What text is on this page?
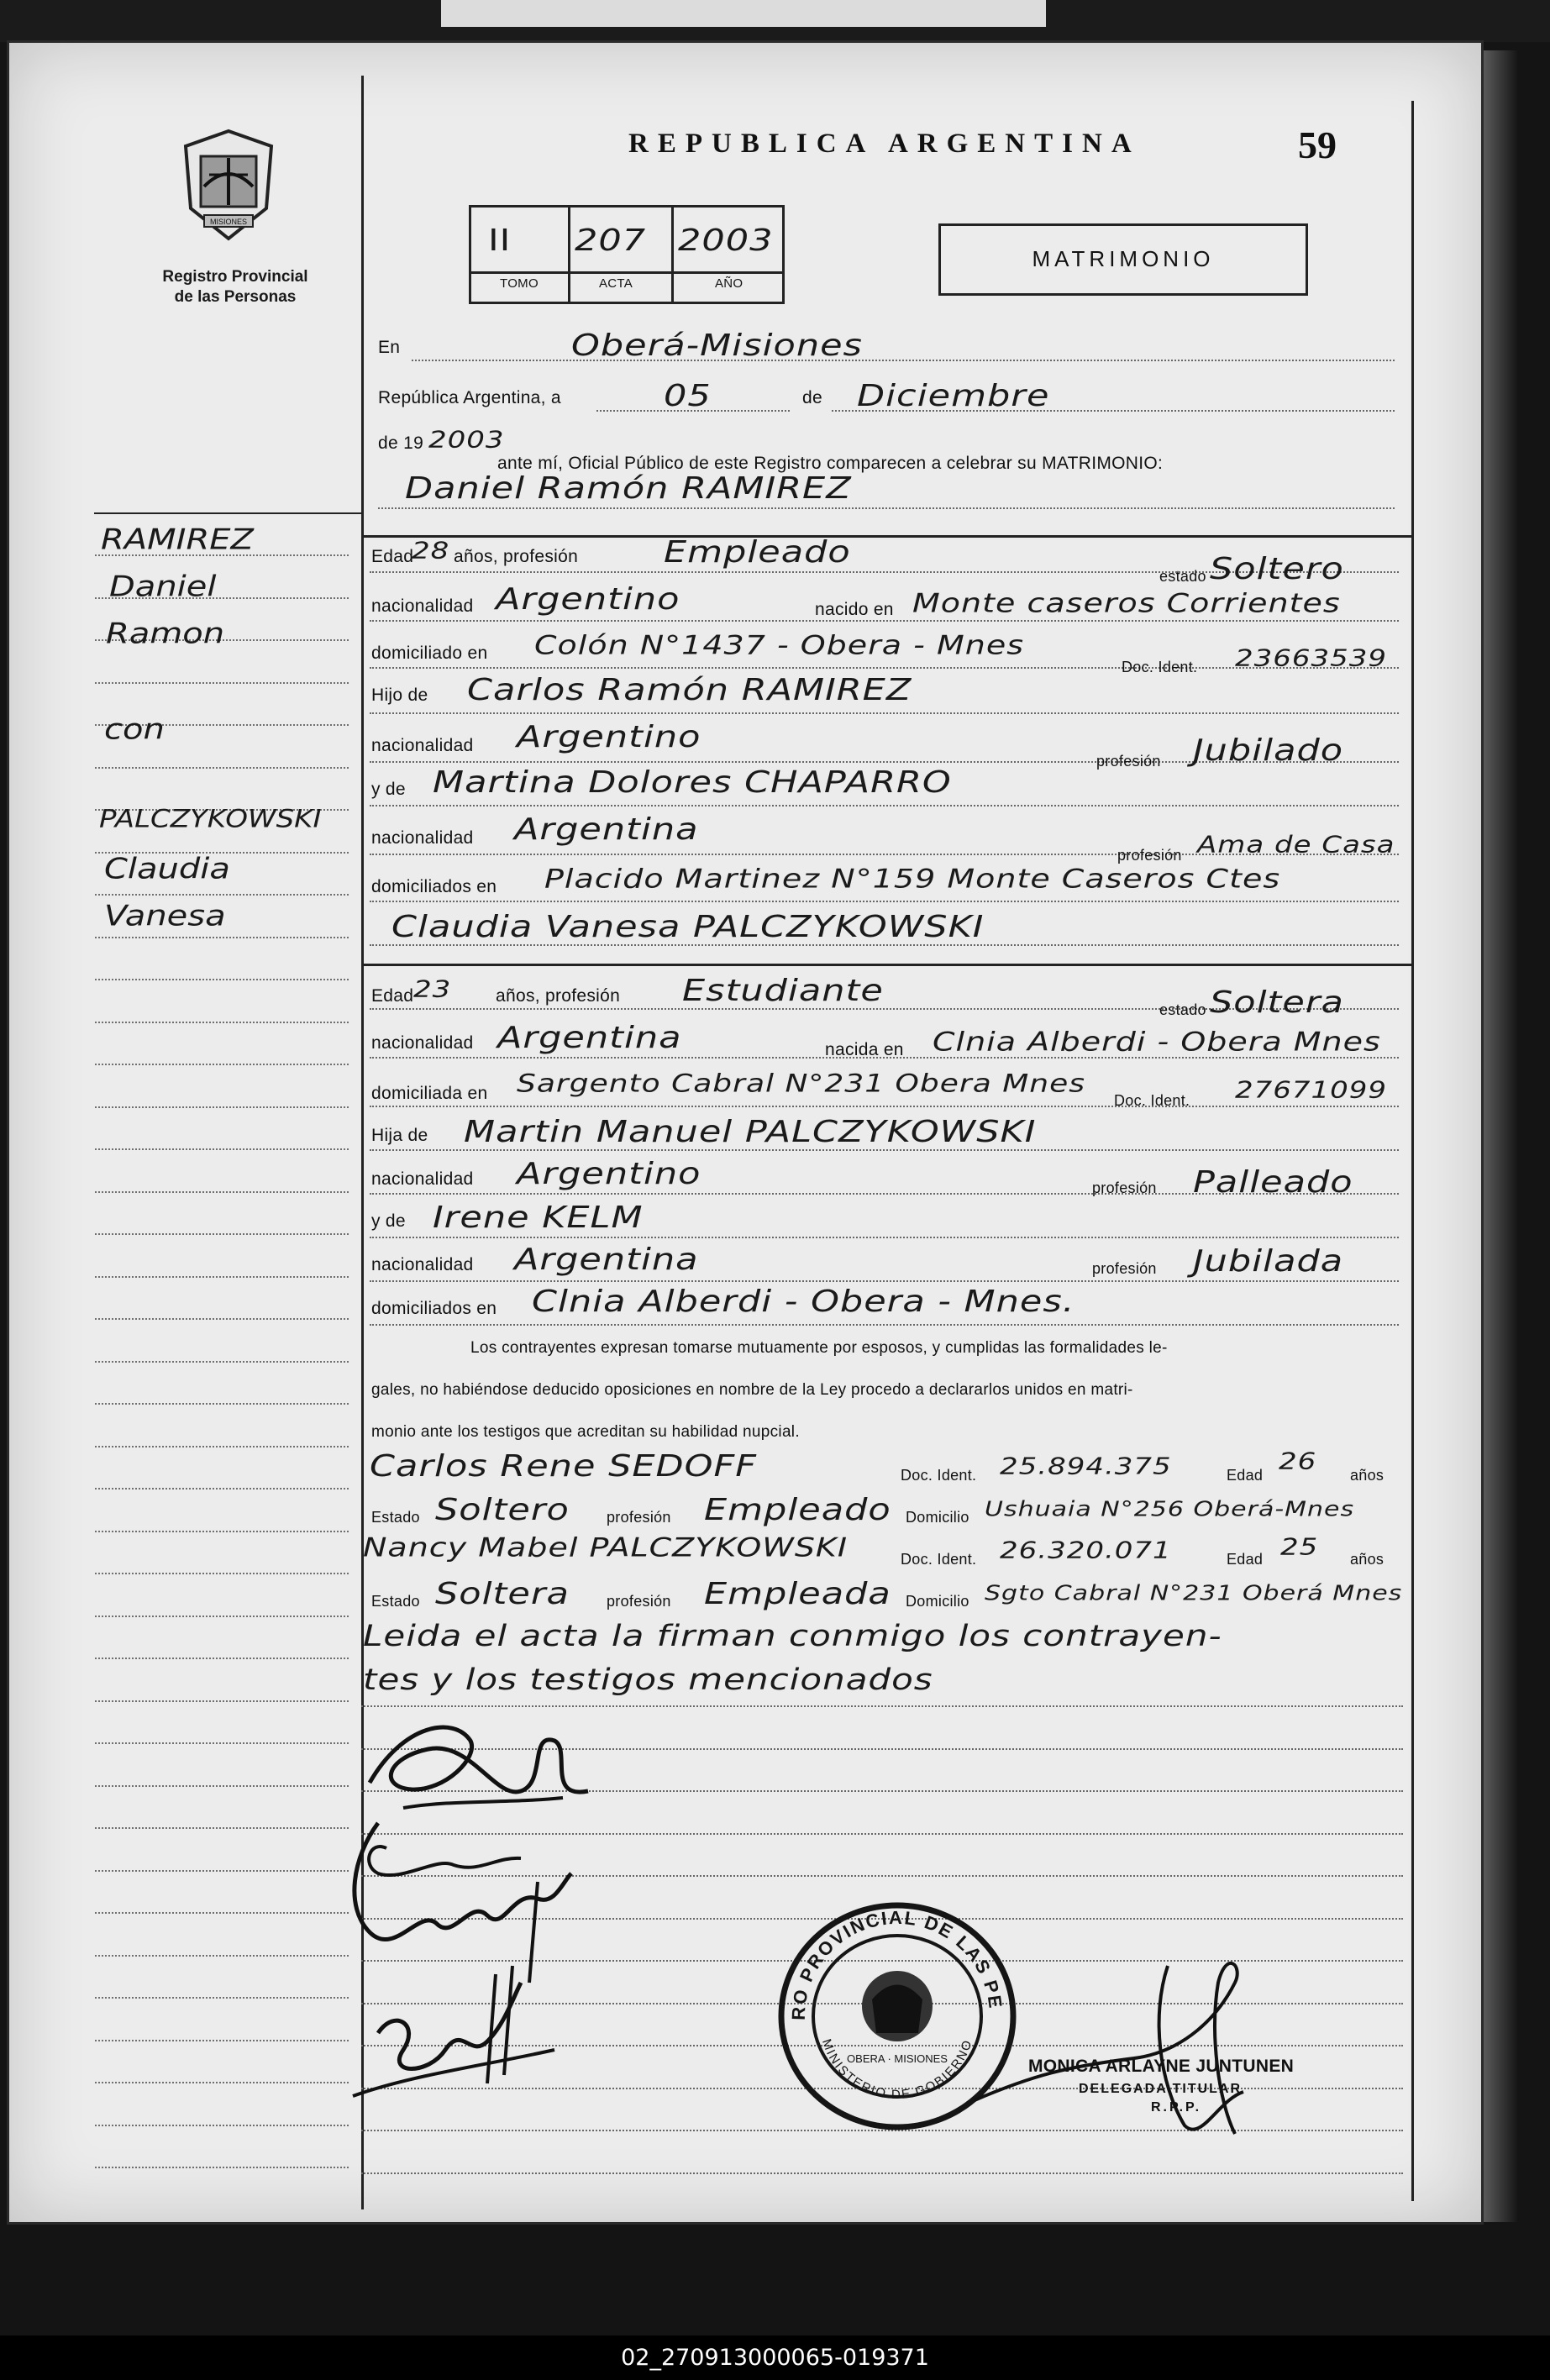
MISIONES
Registro Provincial
de las Personas
REPUBLICA ARGENTINA	59
II 207 2003
TOMO	ACTA	AÑO
MATRIMONIO
En	Oberá-Misiones
República Argentina, a	05	de Diciembre
de 19 2003
ante mí, Oficial Público de este Registro comparecen a celebrar su MATRIMONIO:
Daniel Ramón RAMIREZ
RAMIREZ
Daniel
Ramon
con
PALCZYKOWSKI
Claudia
Vanesa
Edad
28 años, profesión Empleado
estado Soltero
nacionalidad Argentino	nacido en Monte caseros Corrientes
domiciliado en Colón N°1437 - Obera - Mnes
Doc. Ident. 23663539
Hijo de Carlos Ramón RAMIREZ
nacionalidad Argentino
profesión Jubilado
y de Martina Dolores CHAPARRO
nacionalidad Argentina
profesión Ama de Casa
domiciliados en Placido Martinez N°159 Monte Caseros Ctes
Claudia Vanesa PALCZYKOWSKI
Edad 23	años, profesión Estudiante
estado Soltera
nacionalidad Argentina	nacida en Clnia Alberdi - Obera Mnes
domiciliada en Sargento Cabral N°231 Obera Mnes
Doc. Ident. 27671099
Hija de Martin Manuel PALCZYKOWSKI
nacionalidad Argentino	profesión Palleado
y de Irene KELM
nacionalidad Argentina	profesión Jubilada
domiciliados en Clnia Alberdi - Obera - Mnes.
Los contrayentes expresan tomarse mutuamente por esposos, y cumplidas las formalidades le-
gales, no habiéndose deducido oposiciones en nombre de la Ley procedo a declararlos unidos en matri-
monio ante los testigos que acreditan su habilidad nupcial.
Carlos Rene SEDOFF	Doc. Ident. 25.894.375	Edad 26 años
Estado Soltero profesión Empleado Domicilio Ushuaia N°256 Oberá-Mnes
Nancy Mabel PALCZYKOWSKI	Doc. Ident. 26.320.071	Edad 25 años
Estado Soltera profesión Empleada Domicilio Sgto Cabral N°231 Oberá Mnes
Leida el acta la firman conmigo los contrayen-
tes y los testigos mencionados
RO PROVINCIAL DE LAS PE
MINISTERIO DE GOBIERNO
OBERA · MISIONES	MONICA ARLAYNE JUNTUNEN
DELEGADA TITULAR
R.P.P.
02_270913000065-019371
